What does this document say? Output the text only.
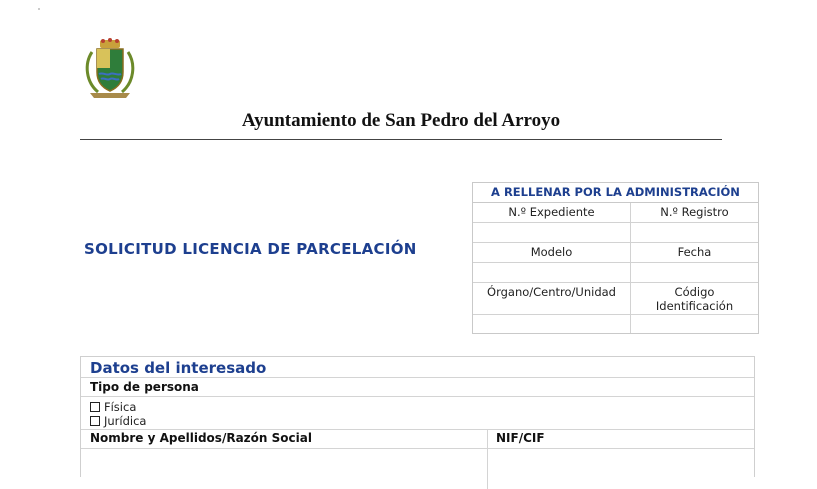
Ayuntamiento de San Pedro del Arroyo
SOLICITUD LICENCIA DE PARCELACIÓN
A RELLENAR POR LA ADMINISTRACIÓN
N.º Expediente	N.º Registro
Modelo	Fecha
Órgano/Centro/Unidad	Código Identificación
Datos del interesado
Tipo de persona
Física
Jurídica
Nombre y Apellidos/Razón Social	NIF/CIF
